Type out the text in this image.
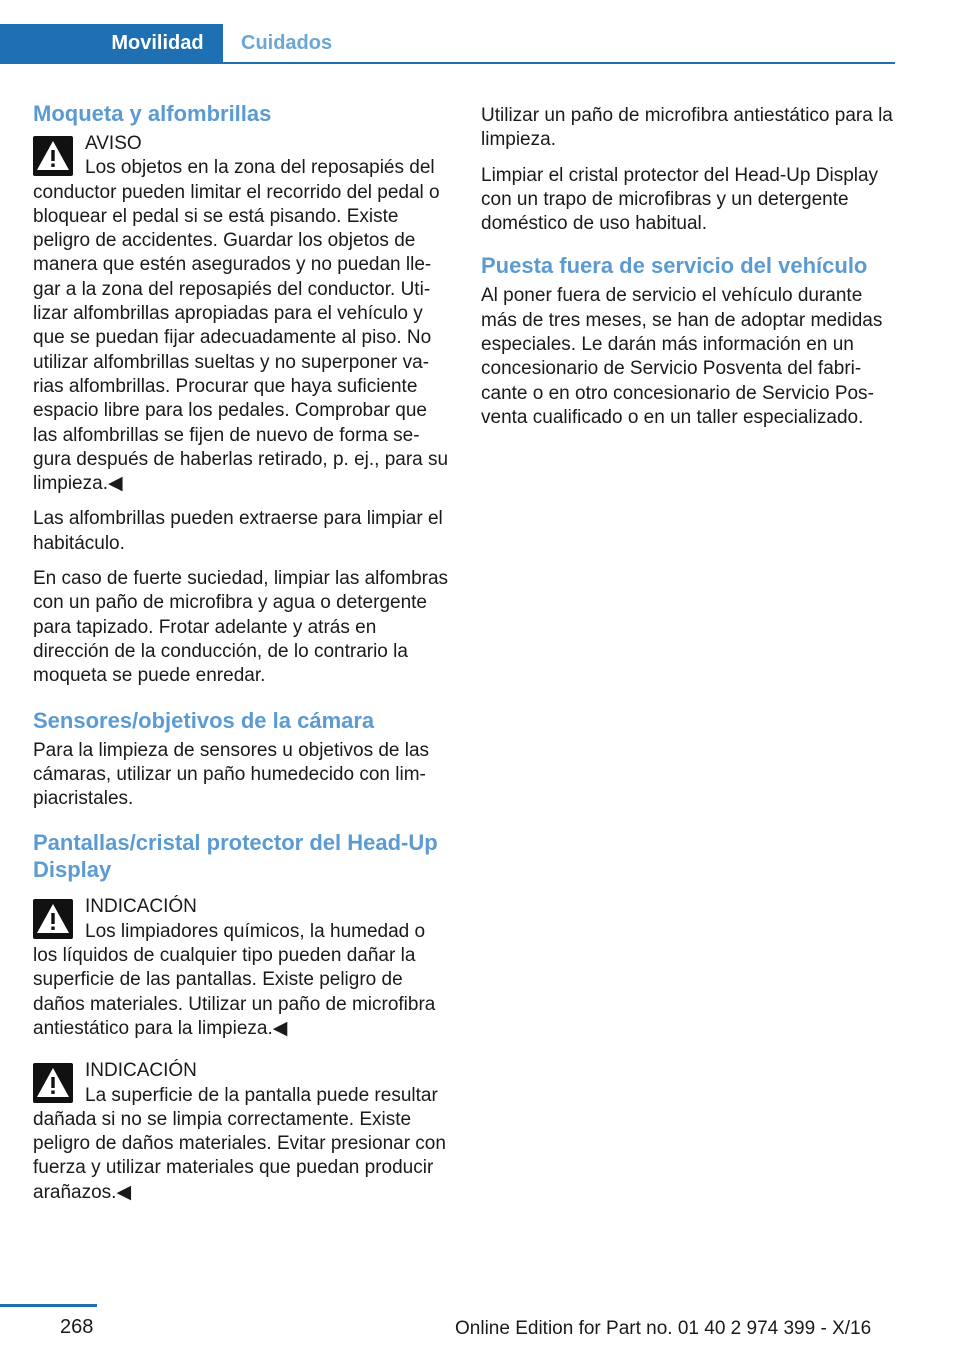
Movilidad	Cuidados
Moqueta y alfombrillas
AVISO
Los objetos en la zona del reposapiés del conductor pueden limitar el recorrido del pedal o bloquear el pedal si se está pisando. Existe peligro de accidentes. Guardar los objetos de manera que estén asegurados y no puedan llegar a la zona del reposapiés del conductor. Utilizar alfombrillas apropiadas para el vehículo y que se puedan fijar adecuadamente al piso. No utilizar alfombrillas sueltas y no superponer varias alfombrillas. Procurar que haya suficiente espacio libre para los pedales. Comprobar que las alfombrillas se fijen de nuevo de forma segura después de haberlas retirado, p. ej., para su limpieza.◀

Las alfombrillas pueden extraerse para limpiar el habitáculo.

En caso de fuerte suciedad, limpiar las alfombras con un paño de microfibra y agua o detergente para tapizado. Frotar adelante y atrás en dirección de la conducción, de lo contrario la moqueta se puede enredar.

Sensores/objetivos de la cámara

Para la limpieza de sensores u objetivos de las cámaras, utilizar un paño humedecido con limpiacristales.

Pantallas/cristal protector del Head-Up Display
INDICACIÓN
Los limpiadores químicos, la humedad o los líquidos de cualquier tipo pueden dañar la superficie de las pantallas. Existe peligro de daños materiales. Utilizar un paño de microfibra antiestático para la limpieza.◀
INDICACIÓN
La superficie de la pantalla puede resultar dañada si no se limpia correctamente. Existe peligro de daños materiales. Evitar presionar con fuerza y utilizar materiales que puedan producir arañazos.◀

Utilizar un paño de microfibra antiestático para la limpieza.

Limpiar el cristal protector del Head-Up Display con un trapo de microfibras y un detergente doméstico de uso habitual.

Puesta fuera de servicio del vehículo

Al poner fuera de servicio el vehículo durante más de tres meses, se han de adoptar medidas especiales. Le darán más información en un concesionario de Servicio Posventa del fabricante o en otro concesionario de Servicio Posventa cualificado o en un taller especializado.

268	Online Edition for Part no. 01 40 2 974 399 - X/16
